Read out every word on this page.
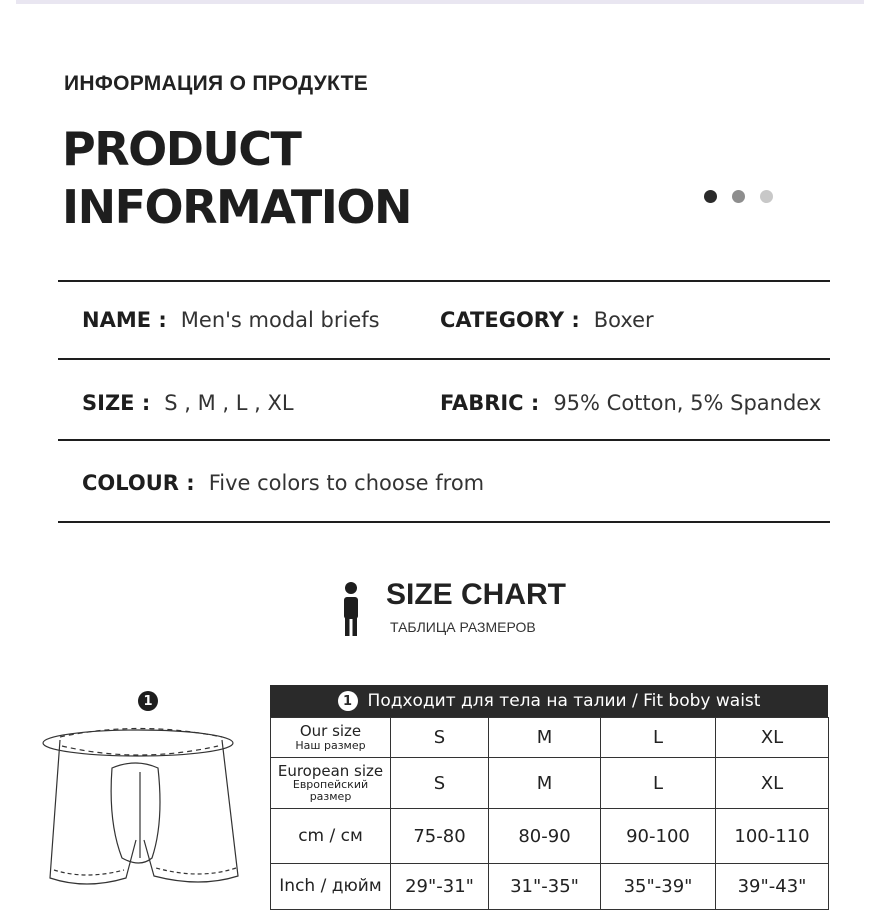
ИНФОРМАЦИЯ О ПРОДУКТЕ
PRODUCT
INFORMATION
NAME : Men's modal briefs	CATEGORY : Boxer
SIZE : S , M , L , XL	FABRIC : 95% Cotton, 5% Spandex
COLOUR : Five colors to choose from
SIZE CHART
ТАБЛИЦА РАЗМЕРОВ
1	1 Подходит для тела на талии / Fit boby waist
Our size
Наш размер	S	M	L	XL
European size
Европейский размер	S	M	L	XL
cm / см	75-80	80-90	90-100	100-110
Inch / дюйм	29"-31"	31"-35"	35"-39"	39"-43"
